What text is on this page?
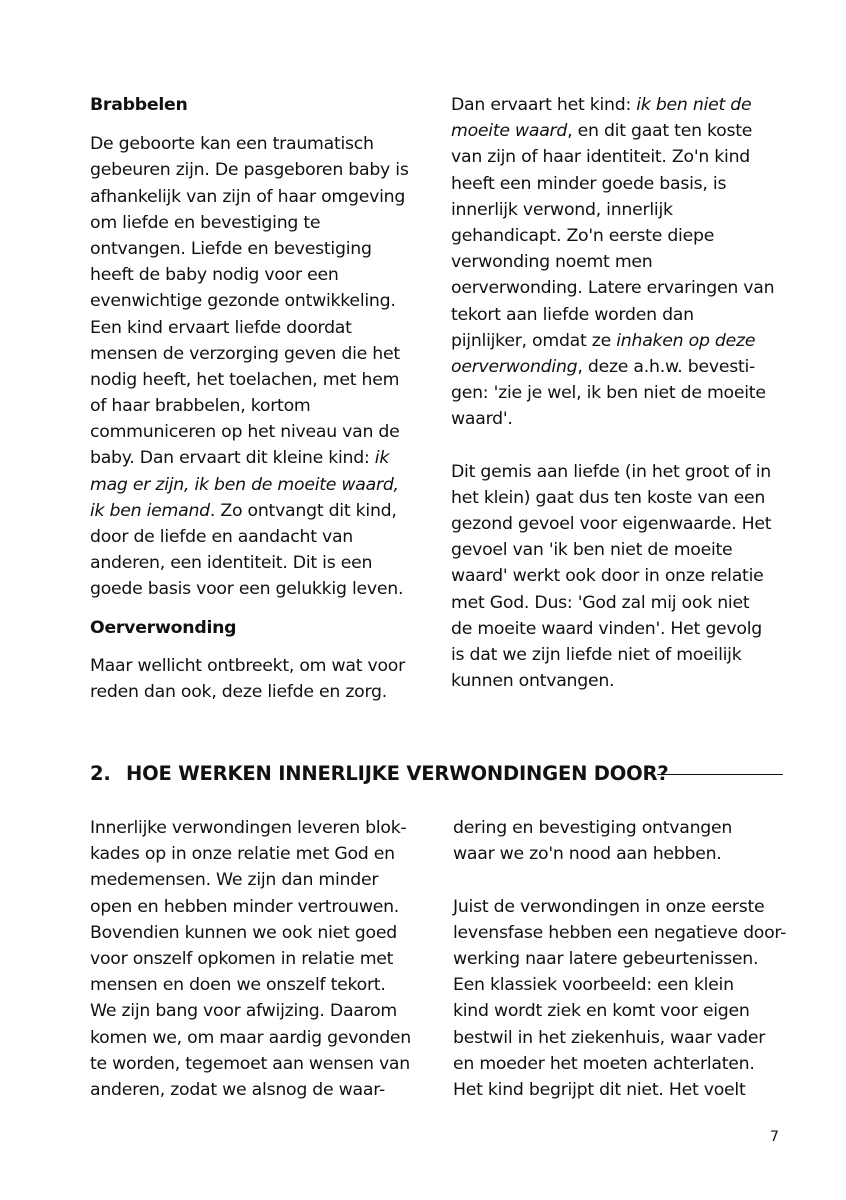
Brabbelen

De geboorte kan een traumatisch
gebeuren zijn. De pasgeboren baby is
afhankelijk van zijn of haar omgeving
om liefde en bevestiging te
ontvangen. Liefde en bevestiging
heeft de baby nodig voor een
evenwichtige gezonde ontwikkeling.
Een kind ervaart liefde doordat
mensen de verzorging geven die het
nodig heeft, het toelachen, met hem
of haar brabbelen, kortom
communiceren op het niveau van de
baby. Dan ervaart dit kleine kind: ik
mag er zijn, ik ben de moeite waard,
ik ben iemand. Zo ontvangt dit kind,
door de liefde en aandacht van
anderen, een identiteit. Dit is een
goede basis voor een gelukkig leven.

Oerverwonding

Maar wellicht ontbreekt, om wat voor
reden dan ook, deze liefde en zorg.

Dan ervaart het kind: ik ben niet de
moeite waard, en dit gaat ten koste
van zijn of haar identiteit. Zo'n kind
heeft een minder goede basis, is
innerlijk verwond, innerlijk
gehandicapt. Zo'n eerste diepe
verwonding noemt men
oerverwonding. Latere ervaringen van
tekort aan liefde worden dan
pijnlijker, omdat ze inhaken op deze
oerverwonding, deze a.h.w. bevesti-
gen: 'zie je wel, ik ben niet de moeite
waard'.

Dit gemis aan liefde (in het groot of in
het klein) gaat dus ten koste van een
gezond gevoel voor eigenwaarde. Het
gevoel van 'ik ben niet de moeite
waard' werkt ook door in onze relatie
met God. Dus: 'God zal mij ook niet
de moeite waard vinden'. Het gevolg
is dat we zijn liefde niet of moeilijk
kunnen ontvangen.

2. HOE WERKEN INNERLIJKE VERWONDINGEN DOOR?

Innerlijke verwondingen leveren blok-
kades op in onze relatie met God en
medemensen. We zijn dan minder
open en hebben minder vertrouwen.
Bovendien kunnen we ook niet goed
voor onszelf opkomen in relatie met
mensen en doen we onszelf tekort.
We zijn bang voor afwijzing. Daarom
komen we, om maar aardig gevonden
te worden, tegemoet aan wensen van
anderen, zodat we alsnog de waar-

dering en bevestiging ontvangen
waar we zo'n nood aan hebben.

Juist de verwondingen in onze eerste
levensfase hebben een negatieve door-
werking naar latere gebeurtenissen.
Een klassiek voorbeeld: een klein
kind wordt ziek en komt voor eigen
bestwil in het ziekenhuis, waar vader
en moeder het moeten achterlaten.
Het kind begrijpt dit niet. Het voelt

7
